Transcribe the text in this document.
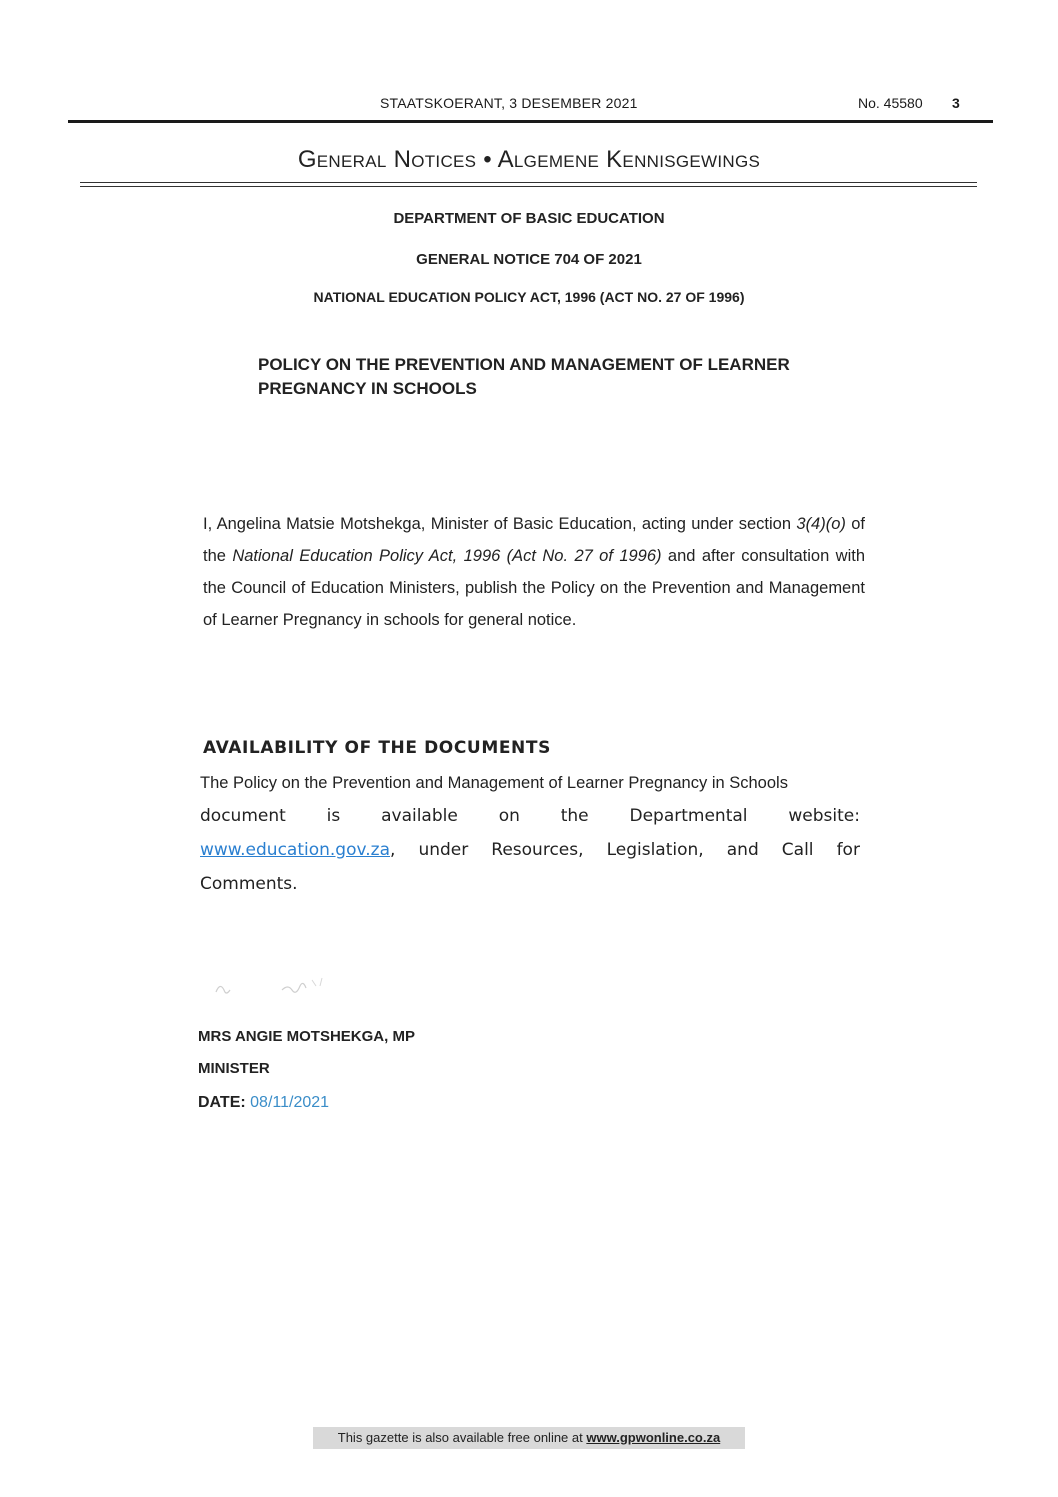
STAATSKOERANT, 3 DESEMBER 2021	No. 45580 3
General Notices • Algemene Kennisgewings
DEPARTMENT OF BASIC EDUCATION
GENERAL NOTICE 704 OF 2021
NATIONAL EDUCATION POLICY ACT, 1996 (ACT NO. 27 OF 1996)
POLICY ON THE PREVENTION AND MANAGEMENT OF LEARNER PREGNANCY IN SCHOOLS
I, Angelina Matsie Motshekga, Minister of Basic Education, acting under section 3(4)(o) of the National Education Policy Act, 1996 (Act No. 27 of 1996) and after consultation with the Council of Education Ministers, publish the Policy on the Prevention and Management of Learner Pregnancy in schools for general notice.
AVAILABILITY OF THE DOCUMENTS
The Policy on the Prevention and Management of Learner Pregnancy in Schools
document is available on the Departmental website:
www.education.gov.za, under Resources, Legislation, and Call for
Comments.
MRS ANGIE MOTSHEKGA, MP
MINISTER
DATE: 08/11/2021
This gazette is also available free online at www.gpwonline.co.za
